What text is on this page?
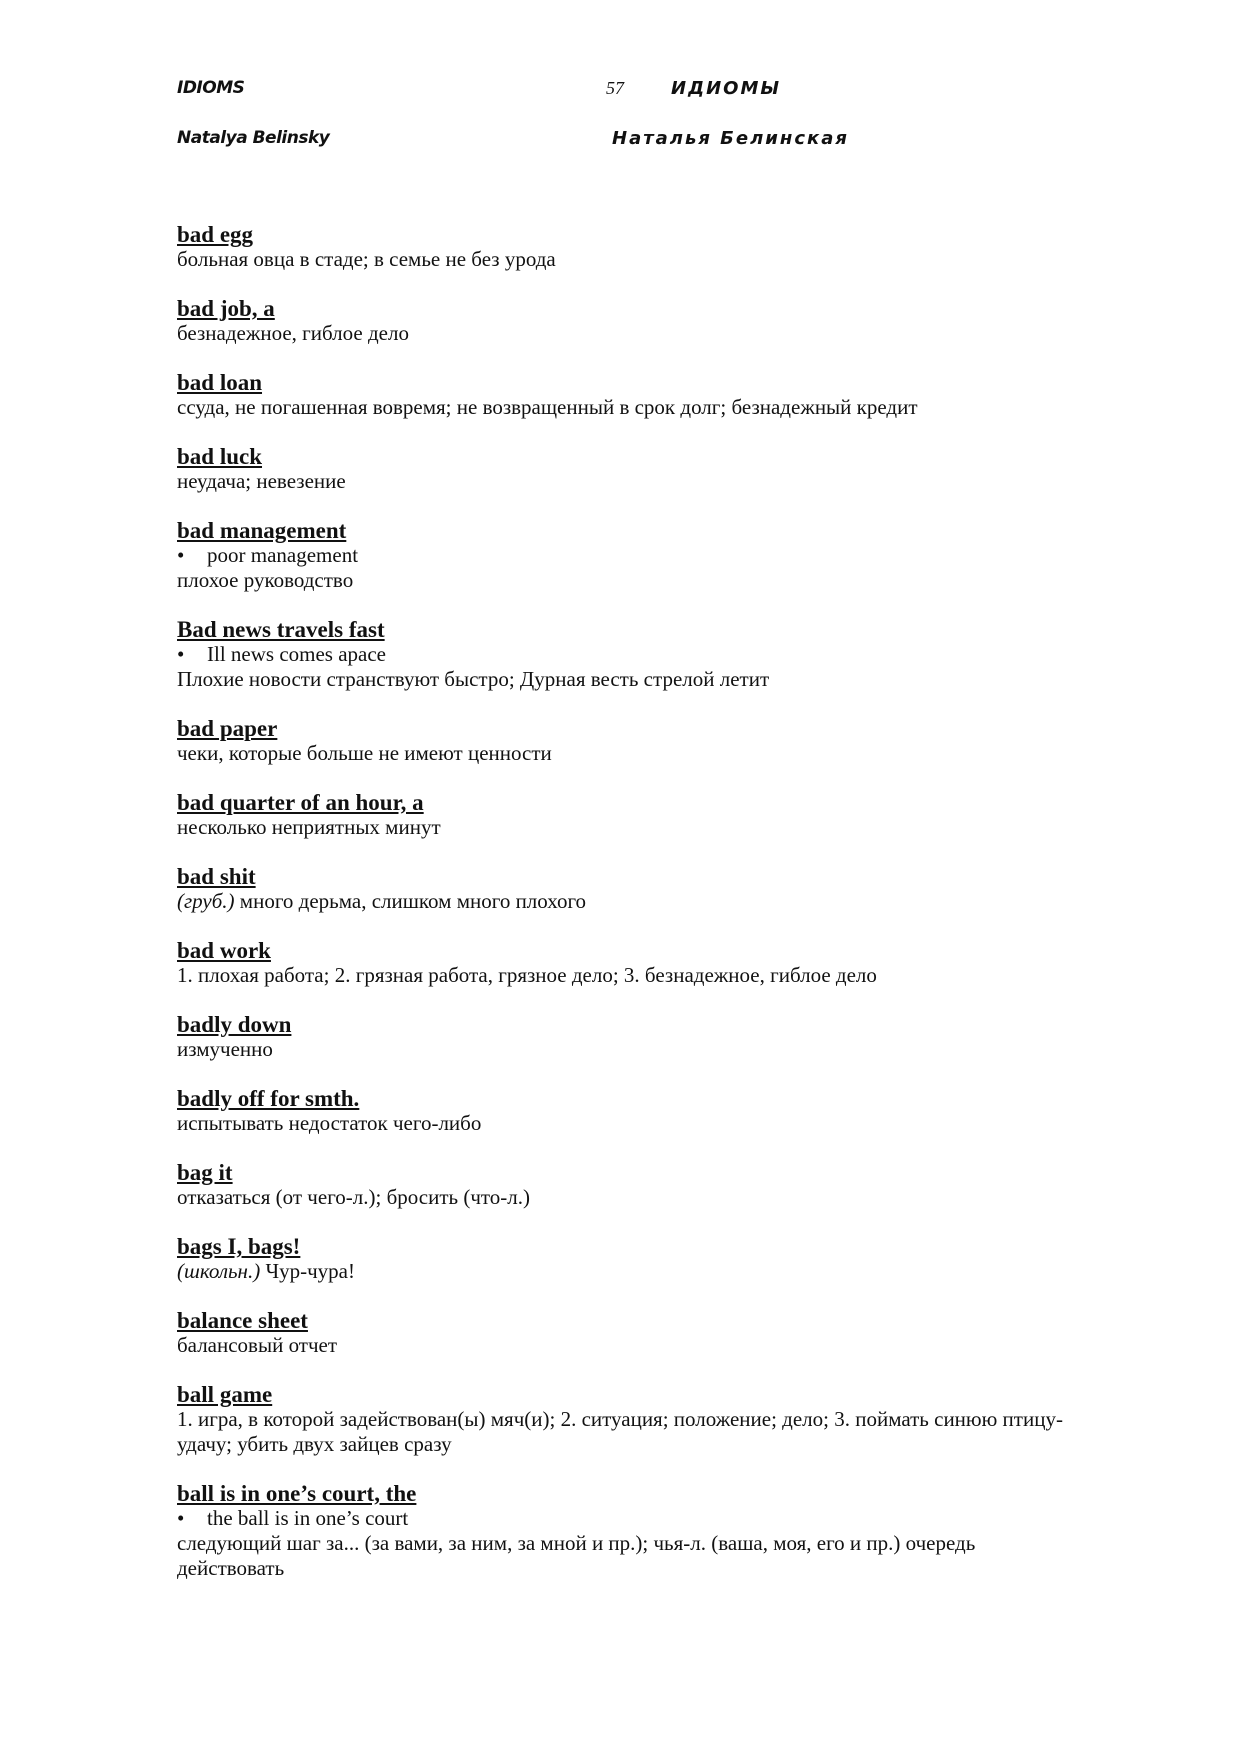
IDIOMS
Natalya Belinsky
57	ИДИОМЫ
Наталья Белинская
bad egg
больная овца в стаде; в семье не без урода
bad job, a
безнадежное, гиблое дело
bad loan
ссуда, не погашенная вовремя; не возвращенный в срок долг; безнадежный кредит
bad luck
неудача; невезение
bad management
• poor management
плохое руководство
Bad news travels fast
• Ill news comes apace
Плохие новости странствуют быстро; Дурная весть стрелой летит
bad paper
чеки, которые больше не имеют ценности
bad quarter of an hour, a
несколько неприятных минут
bad shit
(груб.) много дерьма, слишком много плохого
bad work
1. плохая работа; 2. грязная работа, грязное дело; 3. безнадежное, гиблое дело
badly down
измученно
badly off for smth.
испытывать недостаток чего-либо
bag it
отказаться (от чего-л.); бросить (что-л.)
bags I, bags!
(школьн.) Чур-чура!
balance sheet
балансовый отчет
ball game
1. игра, в которой задействован(ы) мяч(и); 2. ситуация; положение; дело; 3. поймать синюю птицу-удачу; убить двух зайцев сразу
ball is in one’s court, the
• the ball is in one’s court
следующий шаг за... (за вами, за ним, за мной и пр.); чья-л. (ваша, моя, его и пр.) очередь действовать
